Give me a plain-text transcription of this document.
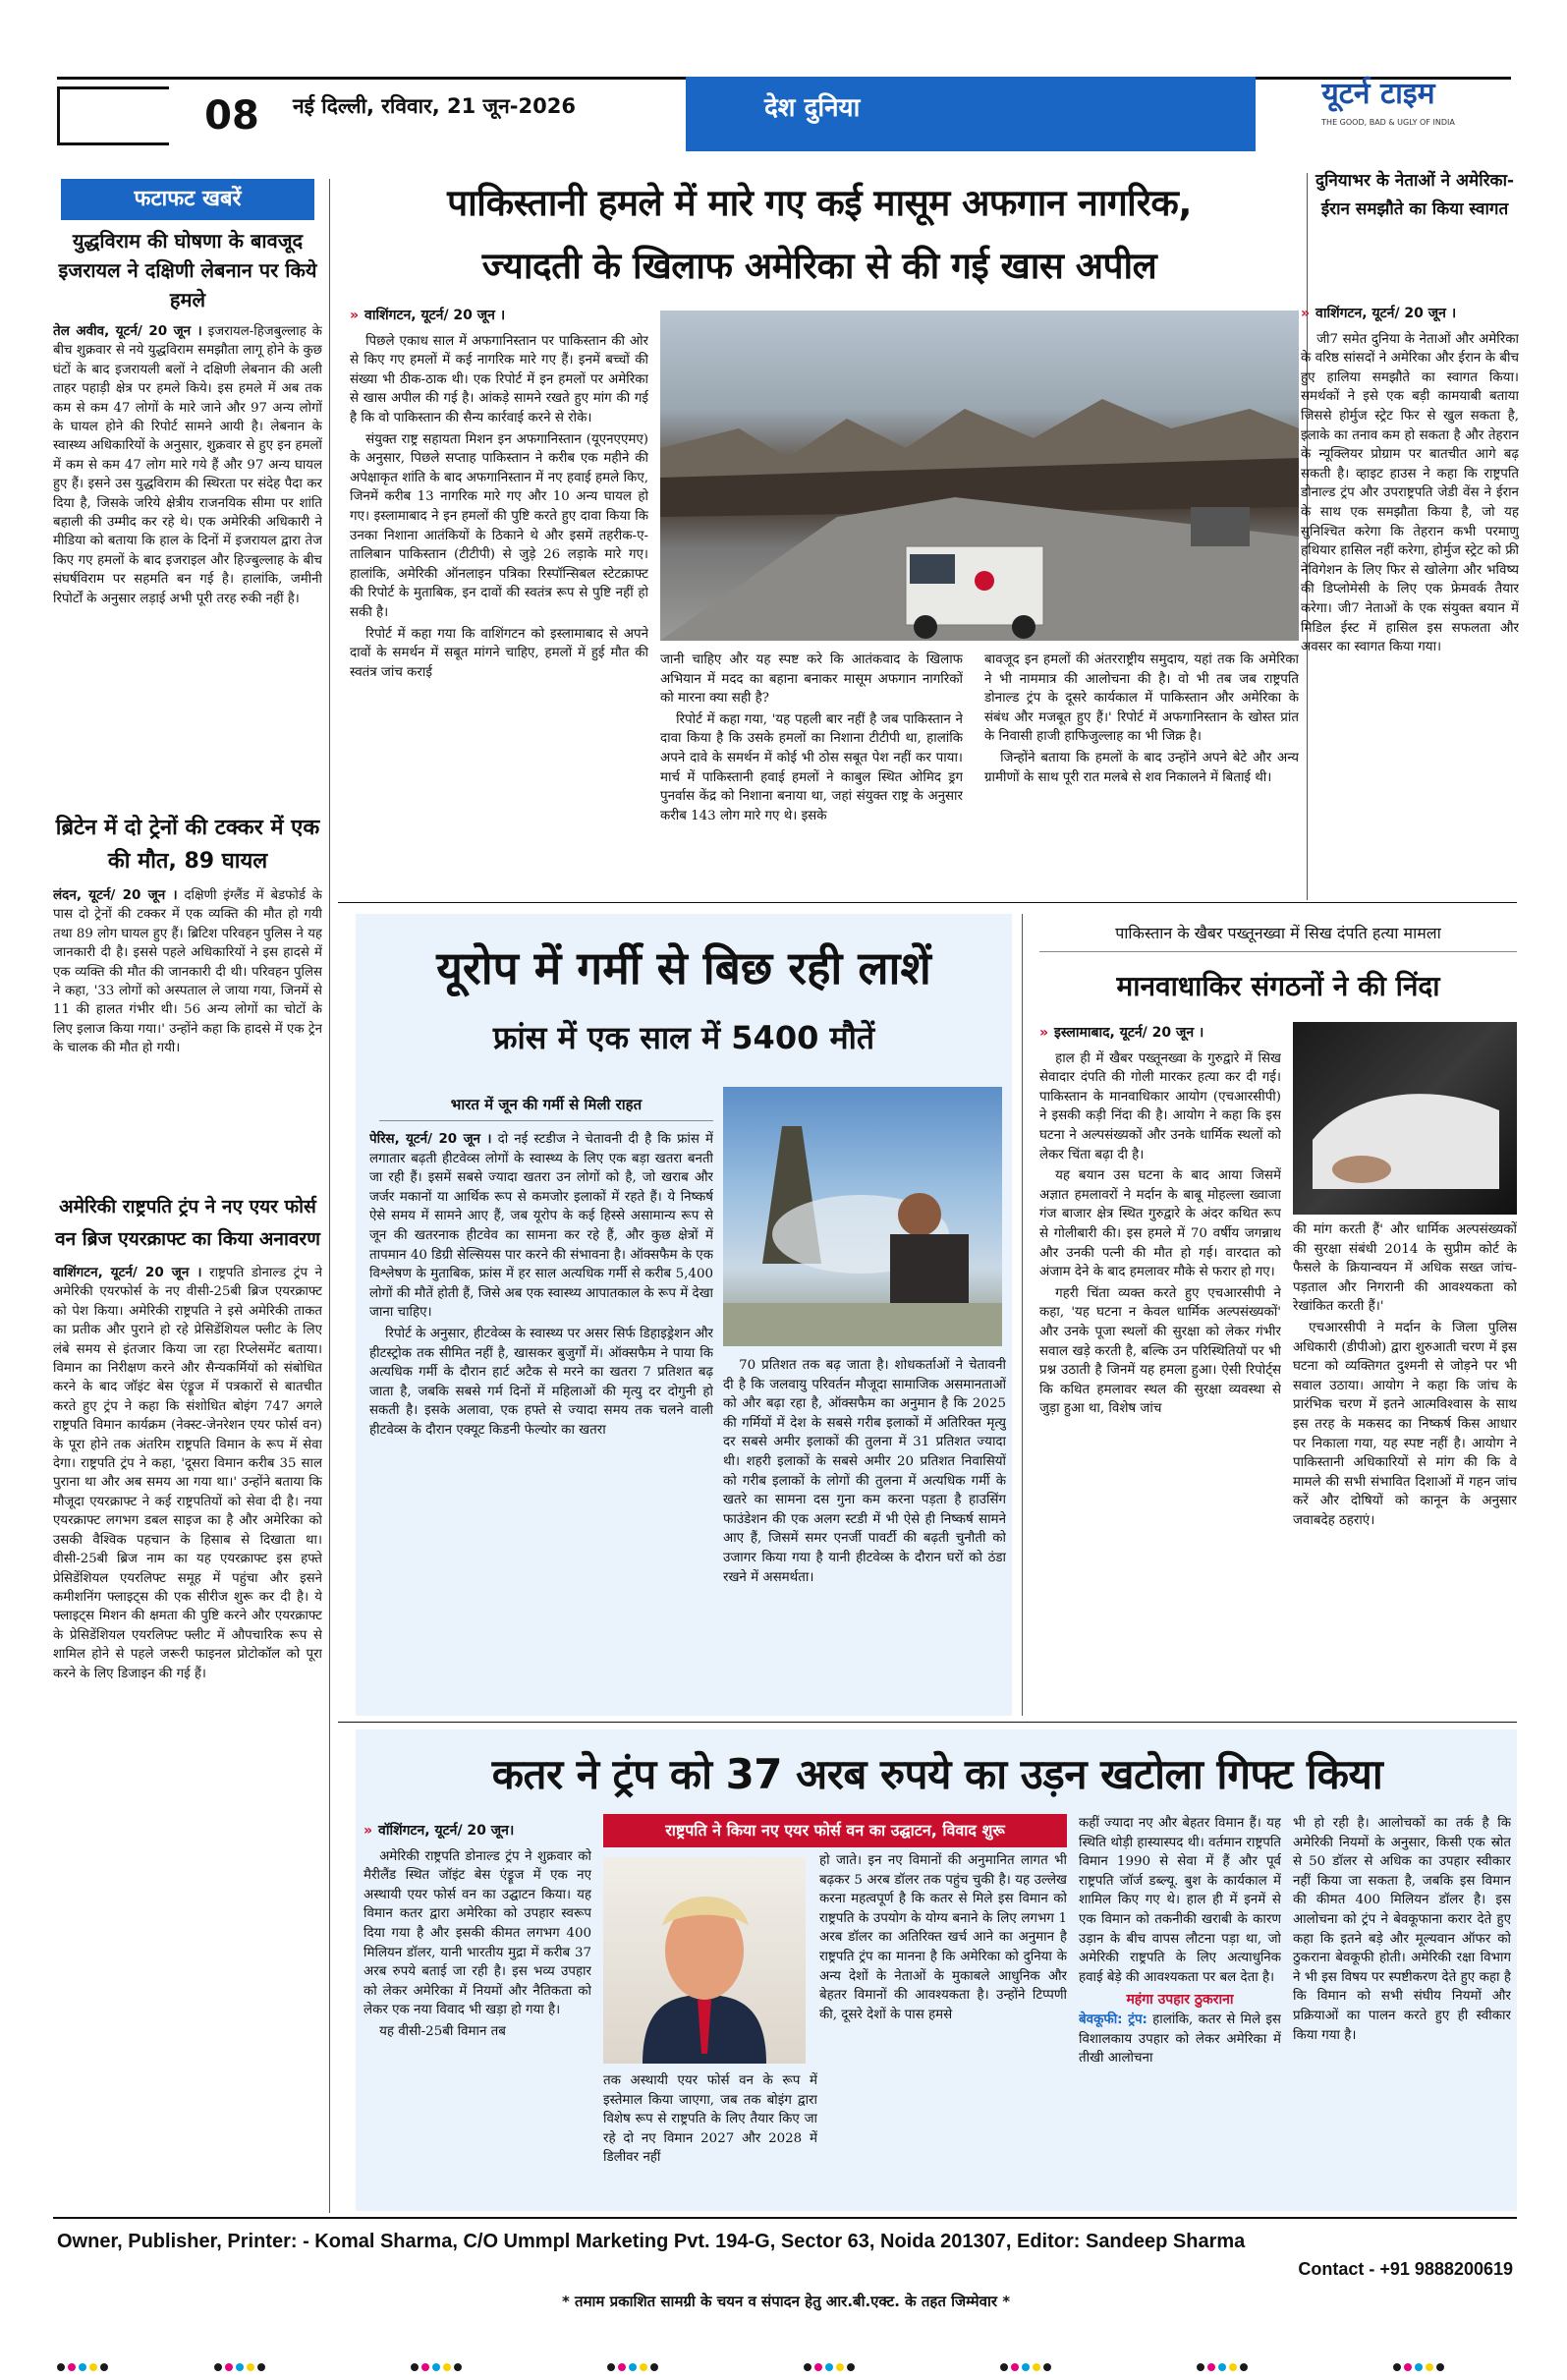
08	नई दिल्ली, रविवार, 21 जून-2026	देश दुनिया	यूटर्न टाइम
THE GOOD, BAD & UGLY OF INDIA
फटाफट खबरें
युद्धविराम की घोषणा के बावजूद इजरायल ने दक्षिणी लेबनान पर किये हमले

तेल अवीव, यूटर्न/ 20 जून । इजरायल-हिजबुल्लाह के बीच शुक्रवार से नये युद्धविराम समझौता लागू होने के कुछ घंटों के बाद इजरायली बलों ने दक्षिणी लेबनान की अली ताहर पहाड़ी क्षेत्र पर हमले किये। इस हमले में अब तक कम से कम 47 लोगों के मारे जाने और 97 अन्य लोगों के घायल होने की रिपोर्ट सामने आयी है। लेबनान के स्वास्थ्य अधिकारियों के अनुसार, शुक्रवार से हुए इन हमलों में कम से कम 47 लोग मारे गये हैं और 97 अन्य घायल हुए हैं। इसने उस युद्धविराम की स्थिरता पर संदेह पैदा कर दिया है, जिसके जरिये क्षेत्रीय राजनयिक सीमा पर शांति बहाली की उम्मीद कर रहे थे। एक अमेरिकी अधिकारी ने मीडिया को बताया कि हाल के दिनों में इजरायल द्वारा तेज किए गए हमलों के बाद इजराइल और हिज्बुल्लाह के बीच संघर्षविराम पर सहमति बन गई है। हालांकि, जमीनी रिपोर्टों के अनुसार लड़ाई अभी पूरी तरह रुकी नहीं है।

ब्रिटेन में दो ट्रेनों की टक्कर में एक की मौत, 89 घायल

लंदन, यूटर्न/ 20 जून । दक्षिणी इंग्लैंड में बेडफोर्ड के पास दो ट्रेनों की टक्कर में एक व्यक्ति की मौत हो गयी तथा 89 लोग घायल हुए हैं। ब्रिटिश परिवहन पुलिस ने यह जानकारी दी है। इससे पहले अधिकारियों ने इस हादसे में एक व्यक्ति की मौत की जानकारी दी थी। परिवहन पुलिस ने कहा, '33 लोगों को अस्पताल ले जाया गया, जिनमें से 11 की हालत गंभीर थी। 56 अन्य लोगों का चोटों के लिए इलाज किया गया।' उन्होंने कहा कि हादसे में एक ट्रेन के चालक की मौत हो गयी।

अमेरिकी राष्ट्रपति ट्रंप ने नए एयर फोर्स वन ब्रिज एयरक्राफ्ट का किया अनावरण

वाशिंगटन, यूटर्न/ 20 जून । राष्ट्रपति डोनाल्ड ट्रंप ने अमेरिकी एयरफोर्स के नए वीसी-25बी ब्रिज एयरक्राफ्ट को पेश किया। अमेरिकी राष्ट्रपति ने इसे अमेरिकी ताकत का प्रतीक और पुराने हो रहे प्रेसिडेंशियल फ्लीट के लिए लंबे समय से इंतजार किया जा रहा रिप्लेसमेंट बताया। विमान का निरीक्षण करने और सैन्यकर्मियों को संबोधित करने के बाद जॉइंट बेस एंड्रूज में पत्रकारों से बातचीत करते हुए ट्रंप ने कहा कि संशोधित बोइंग 747 अगले राष्ट्रपति विमान कार्यक्रम (नेक्स्ट-जेनरेशन एयर फोर्स वन) के पूरा होने तक अंतरिम राष्ट्रपति विमान के रूप में सेवा देगा। राष्ट्रपति ट्रंप ने कहा, 'दूसरा विमान करीब 35 साल पुराना था और अब समय आ गया था।' उन्होंने बताया कि मौजूदा एयरक्राफ्ट ने कई राष्ट्रपतियों को सेवा दी है। नया एयरक्राफ्ट लगभग डबल साइज का है और अमेरिका को उसकी वैश्विक पहचान के हिसाब से दिखाता था। वीसी-25बी ब्रिज नाम का यह एयरक्राफ्ट इस हफ्ते प्रेसिडेंशियल एयरलिफ्ट समूह में पहुंचा और इसने कमीशनिंग फ्लाइट्स की एक सीरीज शुरू कर दी है। ये फ्लाइट्स मिशन की क्षमता की पुष्टि करने और एयरक्राफ्ट के प्रेसिडेंशियल एयरलिफ्ट फ्लीट में औपचारिक रूप से शामिल होने से पहले जरूरी फाइनल प्रोटोकॉल को पूरा करने के लिए डिजाइन की गई हैं।

पाकिस्तानी हमले में मारे गए कई मासूम अफगान नागरिक,
ज्यादती के खिलाफ अमेरिका से की गई खास अपील
» वाशिंगटन, यूटर्न/ 20 जून ।

पिछले एकाध साल में अफगानिस्तान पर पाकिस्तान की ओर से किए गए हमलों में कई नागरिक मारे गए हैं। इनमें बच्चों की संख्या भी ठीक-ठाक थी। एक रिपोर्ट में इन हमलों पर अमेरिका से खास अपील की गई है। आंकड़े सामने रखते हुए मांग की गई है कि वो पाकिस्तान की सैन्य कार्रवाई करने से रोके।

संयुक्त राष्ट्र सहायता मिशन इन अफगानिस्तान (यूएनएएमए) के अनुसार, पिछले सप्ताह पाकिस्तान ने करीब एक महीने की अपेक्षाकृत शांति के बाद अफगानिस्तान में नए हवाई हमले किए, जिनमें करीब 13 नागरिक मारे गए और 10 अन्य घायल हो गए। इस्लामाबाद ने इन हमलों की पुष्टि करते हुए दावा किया कि उनका निशाना आतंकियों के ठिकाने थे और इसमें तहरीक-ए-तालिबान पाकिस्तान (टीटीपी) से जुड़े 26 लड़ाके मारे गए। हालांकि, अमेरिकी ऑनलाइन पत्रिका रिस्पॉन्सिबल स्टेटक्राफ्ट की रिपोर्ट के मुताबिक, इन दावों की स्वतंत्र रूप से पुष्टि नहीं हो सकी है।

रिपोर्ट में कहा गया कि वाशिंगटन को इस्लामाबाद से अपने दावों के समर्थन में सबूत मांगने चाहिए, हमलों में हुई मौत की स्वतंत्र जांच कराई

जानी चाहिए और यह स्पष्ट करे कि आतंकवाद के खिलाफ अभियान में मदद का बहाना बनाकर मासूम अफगान नागरिकों को मारना क्या सही है?

रिपोर्ट में कहा गया, 'यह पहली बार नहीं है जब पाकिस्तान ने दावा किया है कि उसके हमलों का निशाना टीटीपी था, हालांकि अपने दावे के समर्थन में कोई भी ठोस सबूत पेश नहीं कर पाया। मार्च में पाकिस्तानी हवाई हमलों ने काबुल स्थित ओमिद ड्रग पुनर्वास केंद्र को निशाना बनाया था, जहां संयुक्त राष्ट्र के अनुसार करीब 143 लोग मारे गए थे। इसके

बावजूद इन हमलों की अंतरराष्ट्रीय समुदाय, यहां तक कि अमेरिका ने भी नाममात्र की आलोचना की है। वो भी तब जब राष्ट्रपति डोनाल्ड ट्रंप के दूसरे कार्यकाल में पाकिस्तान और अमेरिका के संबंध और मजबूत हुए हैं।' रिपोर्ट में अफगानिस्तान के खोस्त प्रांत के निवासी हाजी हाफिजुल्लाह का भी जिक्र है।

जिन्होंने बताया कि हमलों के बाद उन्होंने अपने बेटे और अन्य ग्रामीणों के साथ पूरी रात मलबे से शव निकालने में बिताई थी।

दुनियाभर के नेताओं ने अमेरिका-ईरान समझौते का किया स्वागत
» वाशिंगटन, यूटर्न/ 20 जून ।

जी7 समेत दुनिया के नेताओं और अमेरिका के वरिष्ठ सांसदों ने अमेरिका और ईरान के बीच हुए हालिया समझौते का स्वागत किया। समर्थकों ने इसे एक बड़ी कामयाबी बताया जिससे होर्मुज स्ट्रेट फिर से खुल सकता है, इलाके का तनाव कम हो सकता है और तेहरान के न्यूक्लियर प्रोग्राम पर बातचीत आगे बढ़ सकती है। व्हाइट हाउस ने कहा कि राष्ट्रपति डोनाल्ड ट्रंप और उपराष्ट्रपति जेडी वेंस ने ईरान के साथ एक समझौता किया है, जो यह सुनिश्चित करेगा कि तेहरान कभी परमाणु हथियार हासिल नहीं करेगा, होर्मुज स्ट्रेट को फ्री नेविगेशन के लिए फिर से खोलेगा और भविष्य की डिप्लोमेसी के लिए एक फ्रेमवर्क तैयार करेगा। जी7 नेताओं के एक संयुक्त बयान में मिडिल ईस्ट में हासिल इस सफलता और अवसर का स्वागत किया गया।

यूरोप में गर्मी से बिछ रही लाशें
फ्रांस में एक साल में 5400 मौतें
भारत में जून की गर्मी से मिली राहत

पेरिस, यूटर्न/ 20 जून । दो नई स्टडीज ने चेतावनी दी है कि फ्रांस में लगातार बढ़ती हीटवेव्स लोगों के स्वास्थ्य के लिए एक बड़ा खतरा बनती जा रही हैं। इसमें सबसे ज्यादा खतरा उन लोगों को है, जो खराब और जर्जर मकानों या आर्थिक रूप से कमजोर इलाकों में रहते हैं। ये निष्कर्ष ऐसे समय में सामने आए हैं, जब यूरोप के कई हिस्से असामान्य रूप से जून की खतरनाक हीटवेव का सामना कर रहे हैं, और कुछ क्षेत्रों में तापमान 40 डिग्री सेल्सियस पार करने की संभावना है। ऑक्सफैम के एक विश्लेषण के मुताबिक, फ्रांस में हर साल अत्यधिक गर्मी से करीब 5,400 लोगों की मौतें होती हैं, जिसे अब एक स्वास्थ्य आपातकाल के रूप में देखा जाना चाहिए।

रिपोर्ट के अनुसार, हीटवेव्स के स्वास्थ्य पर असर सिर्फ डिहाइड्रेशन और हीटस्ट्रोक तक सीमित नहीं है, खासकर बुजुर्गों में। ऑक्सफैम ने पाया कि अत्यधिक गर्मी के दौरान हार्ट अटैक से मरने का खतरा 7 प्रतिशत बढ़ जाता है, जबकि सबसे गर्म दिनों में महिलाओं की मृत्यु दर दोगुनी हो सकती है। इसके अलावा, एक हफ्ते से ज्यादा समय तक चलने वाली हीटवेव्स के दौरान एक्यूट किडनी फेल्योर का खतरा

70 प्रतिशत तक बढ़ जाता है। शोधकर्ताओं ने चेतावनी दी है कि जलवायु परिवर्तन मौजूदा सामाजिक असमानताओं को और बढ़ा रहा है, ऑक्सफैम का अनुमान है कि 2025 की गर्मियों में देश के सबसे गरीब इलाकों में अतिरिक्त मृत्यु दर सबसे अमीर इलाकों की तुलना में 31 प्रतिशत ज्यादा थी। शहरी इलाकों के सबसे अमीर 20 प्रतिशत निवासियों को गरीब इलाकों के लोगों की तुलना में अत्यधिक गर्मी के खतरे का सामना दस गुना कम करना पड़ता है हाउसिंग फाउंडेशन की एक अलग स्टडी में भी ऐसे ही निष्कर्ष सामने आए हैं, जिसमें समर एनर्जी पावर्टी की बढ़ती चुनौती को उजागर किया गया है यानी हीटवेव्स के दौरान घरों को ठंडा रखने में असमर्थता।

पाकिस्तान के खैबर पख्तूनख्वा में सिख दंपति हत्या मामला
मानवाधाकिर संगठनों ने की निंदा
» इस्लामाबाद, यूटर्न/ 20 जून ।

हाल ही में खैबर पख्तूनख्वा के गुरुद्वारे में सिख सेवादार दंपति की गोली मारकर हत्या कर दी गई। पाकिस्तान के मानवाधिकार आयोग (एचआरसीपी) ने इसकी कड़ी निंदा की है। आयोग ने कहा कि इस घटना ने अल्पसंख्यकों और उनके धार्मिक स्थलों को लेकर चिंता बढ़ा दी है।

यह बयान उस घटना के बाद आया जिसमें अज्ञात हमलावरों ने मर्दान के बाबू मोहल्ला ख्वाजा गंज बाजार क्षेत्र स्थित गुरुद्वारे के अंदर कथित रूप से गोलीबारी की। इस हमले में 70 वर्षीय जगन्नाथ और उनकी पत्नी की मौत हो गई। वारदात को अंजाम देने के बाद हमलावर मौके से फरार हो गए।

गहरी चिंता व्यक्त करते हुए एचआरसीपी ने कहा, 'यह घटना न केवल धार्मिक अल्पसंख्यकों' और उनके पूजा स्थलों की सुरक्षा को लेकर गंभीर सवाल खड़े करती है, बल्कि उन परिस्थितियों पर भी प्रश्न उठाती है जिनमें यह हमला हुआ। ऐसी रिपोर्ट्स कि कथित हमलावर स्थल की सुरक्षा व्यवस्था से जुड़ा हुआ था, विशेष जांच

की मांग करती हैं' और धार्मिक अल्पसंख्यकों की सुरक्षा संबंधी 2014 के सुप्रीम कोर्ट के फैसले के क्रियान्वयन में अधिक सख्त जांच-पड़ताल और निगरानी की आवश्यकता को रेखांकित करती हैं।'

एचआरसीपी ने मर्दान के जिला पुलिस अधिकारी (डीपीओ) द्वारा शुरुआती चरण में इस घटना को व्यक्तिगत दुश्मनी से जोड़ने पर भी सवाल उठाया। आयोग ने कहा कि जांच के प्रारंभिक चरण में इतने आत्मविश्वास के साथ इस तरह के मकसद का निष्कर्ष किस आधार पर निकाला गया, यह स्पष्ट नहीं है। आयोग ने पाकिस्तानी अधिकारियों से मांग की कि वे मामले की सभी संभावित दिशाओं में गहन जांच करें और दोषियों को कानून के अनुसार जवाबदेह ठहराएं।

कतर ने ट्रंप को 37 अरब रुपये का उड़न खटोला गिफ्ट किया
» वॉशिंगटन, यूटर्न/ 20 जून।

अमेरिकी राष्ट्रपति डोनाल्ड ट्रंप ने शुक्रवार को मैरीलैंड स्थित जॉइंट बेस एंड्रूज में एक नए अस्थायी एयर फोर्स वन का उद्घाटन किया। यह विमान कतर द्वारा अमेरिका को उपहार स्वरूप दिया गया है और इसकी कीमत लगभग 400 मिलियन डॉलर, यानी भारतीय मुद्रा में करीब 37 अरब रुपये बताई जा रही है। इस भव्य उपहार को लेकर अमेरिका में नियमों और नैतिकता को लेकर एक नया विवाद भी खड़ा हो गया है।

यह वीसी-25बी विमान तब

राष्ट्रपति ने किया नए एयर फोर्स वन का उद्घाटन, विवाद शुरू

हो जाते। इन नए विमानों की अनुमानित लागत भी बढ़कर 5 अरब डॉलर तक पहुंच चुकी है। यह उल्लेख करना महत्वपूर्ण है कि कतर से मिले इस विमान को राष्ट्रपति के उपयोग के योग्य बनाने के लिए लगभग 1 अरब डॉलर का अतिरिक्त खर्च आने का अनुमान है राष्ट्रपति ट्रंप का मानना है कि अमेरिका को दुनिया के अन्य देशों के नेताओं के मुकाबले आधुनिक और बेहतर विमानों की आवश्यकता है। उन्होंने टिप्पणी की, दूसरे देशों के पास हमसे

तक अस्थायी एयर फोर्स वन के रूप में इस्तेमाल किया जाएगा, जब तक बोइंग द्वारा विशेष रूप से राष्ट्रपति के लिए तैयार किए जा रहे दो नए विमान 2027 और 2028 में डिलीवर नहीं

कहीं ज्यादा नए और बेहतर विमान हैं। यह स्थिति थोड़ी हास्यास्पद थी। वर्तमान राष्ट्रपति विमान 1990 से सेवा में हैं और पूर्व राष्ट्रपति जॉर्ज डब्ल्यू. बुश के कार्यकाल में शामिल किए गए थे। हाल ही में इनमें से एक विमान को तकनीकी खराबी के कारण उड़ान के बीच वापस लौटना पड़ा था, जो अमेरिकी राष्ट्रपति के लिए अत्याधुनिक हवाई बेड़े की आवश्यकता पर बल देता है।

महंगा उपहार ठुकराना

बेवकूफी: ट्रंप: हालांकि, कतर से मिले इस विशालकाय उपहार को लेकर अमेरिका में तीखी आलोचना

भी हो रही है। आलोचकों का तर्क है कि अमेरिकी नियमों के अनुसार, किसी एक स्रोत से 50 डॉलर से अधिक का उपहार स्वीकार नहीं किया जा सकता है, जबकि इस विमान की कीमत 400 मिलियन डॉलर है। इस आलोचना को ट्रंप ने बेवकूफाना करार देते हुए कहा कि इतने बड़े और मूल्यवान ऑफर को ठुकराना बेवकूफी होती। अमेरिकी रक्षा विभाग ने भी इस विषय पर स्पष्टीकरण देते हुए कहा है कि विमान को सभी संघीय नियमों और प्रक्रियाओं का पालन करते हुए ही स्वीकार किया गया है।

Owner, Publisher, Printer: - Komal Sharma, C/O Ummpl Marketing Pvt. 194-G, Sector 63, Noida 201307, Editor: Sandeep Sharma
Contact - +91 9888200619
* तमाम प्रकाशित सामग्री के चयन व संपादन हेतु आर.बी.एक्ट. के तहत जिम्मेवार *
